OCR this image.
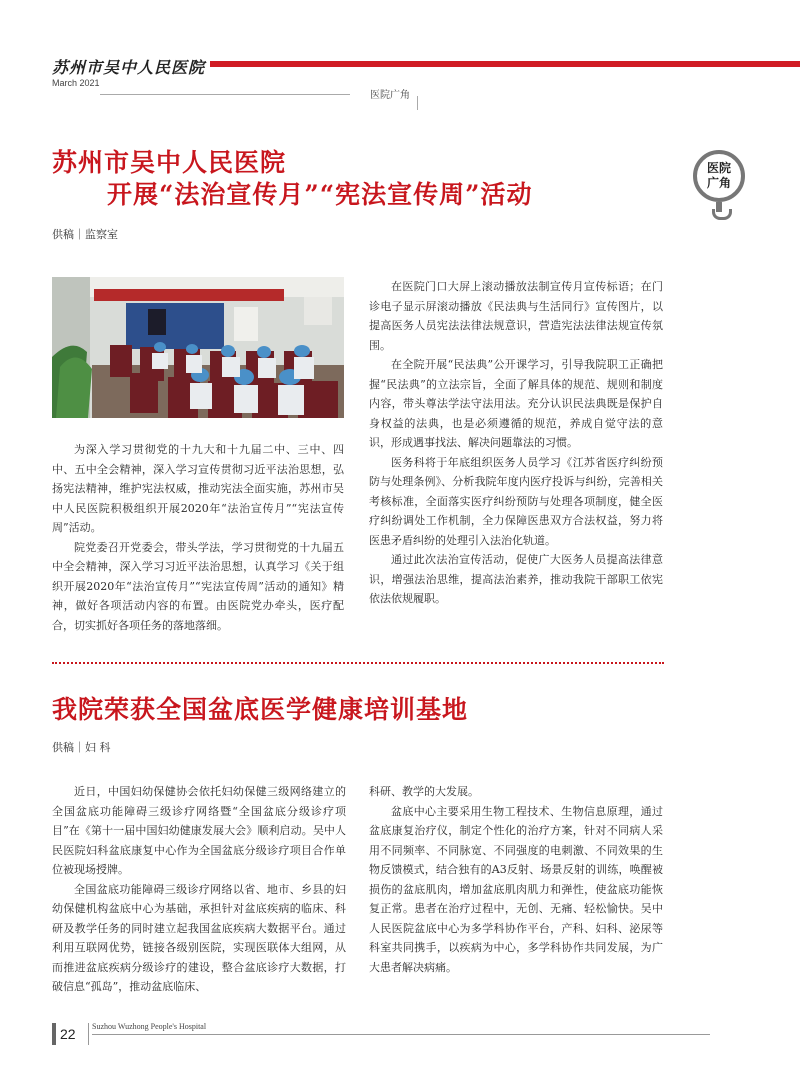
苏州市吴中人民医院
March 2021
医院广角
医院
广角
苏州市吴中人民医院
开展“法治宣传月”“宪法宣传周”活动
供稿｜监察室

为深入学习贯彻党的十九大和十九届二中、三中、四中、五中全会精神，深入学习宣传贯彻习近平法治思想，弘扬宪法精神，维护宪法权威，推动宪法全面实施，苏州市吴中人民医院积极组织开展2020年“法治宣传月”“宪法宣传周”活动。

院党委召开党委会，带头学法，学习贯彻党的十九届五中全会精神，深入学习习近平法治思想，认真学习《关于组织开展2020年“法治宣传月”“宪法宣传周”活动的通知》精神，做好各项活动内容的布置。由医院党办牵头，医疗配合，切实抓好各项任务的落地落细。

在医院门口大屏上滚动播放法制宣传月宣传标语；在门诊电子显示屏滚动播放《民法典与生活同行》宣传图片，以提高医务人员宪法法律法规意识，营造宪法法律法规宣传氛围。

在全院开展“民法典”公开课学习，引导我院职工正确把握“民法典”的立法宗旨，全面了解具体的规范、规则和制度内容，带头尊法学法守法用法。充分认识民法典既是保护自身权益的法典，也是必须遵循的规范，养成自觉守法的意识，形成遇事找法、解决问题靠法的习惯。

医务科将于年底组织医务人员学习《江苏省医疗纠纷预防与处理条例》、分析我院年度内医疗投诉与纠纷，完善相关考核标准，全面落实医疗纠纷预防与处理各项制度，健全医疗纠纷调处工作机制，全力保障医患双方合法权益，努力将医患矛盾纠纷的处理引入法治化轨道。

通过此次法治宣传活动，促使广大医务人员提高法律意识，增强法治思维，提高法治素养，推动我院干部职工依宪依法依规履职。

我院荣获全国盆底医学健康培训基地
供稿｜妇 科

近日，中国妇幼保健协会依托妇幼保健三级网络建立的全国盆底功能障碍三级诊疗网络暨“全国盆底分级诊疗项目”在《第十一届中国妇幼健康发展大会》顺利启动。吴中人民医院妇科盆底康复中心作为全国盆底分级诊疗项目合作单位被现场授牌。

全国盆底功能障碍三级诊疗网络以省、地市、乡县的妇幼保健机构盆底中心为基础，承担针对盆底疾病的临床、科研及教学任务的同时建立起我国盆底疾病大数据平台。通过利用互联网优势，链接各级别医院，实现医联体大组网，从而推进盆底疾病分级诊疗的建设，整合盆底诊疗大数据，打破信息“孤岛”，推动盆底临床、

科研、教学的大发展。

盆底中心主要采用生物工程技术、生物信息原理，通过盆底康复治疗仪，制定个性化的治疗方案，针对不同病人采用不同频率、不同脉宽、不同强度的电刺激、不同效果的生物反馈模式，结合独有的A3反射、场景反射的训练，唤醒被损伤的盆底肌肉，增加盆底肌肉肌力和弹性，使盆底功能恢复正常。患者在治疗过程中，无创、无痛、轻松愉快。吴中人民医院盆底中心为多学科协作平台，产科、妇科、泌尿等科室共同携手，以疾病为中心，多学科协作共同发展，为广大患者解决病痛。

22 Suzhou Wuzhong People's Hospital
